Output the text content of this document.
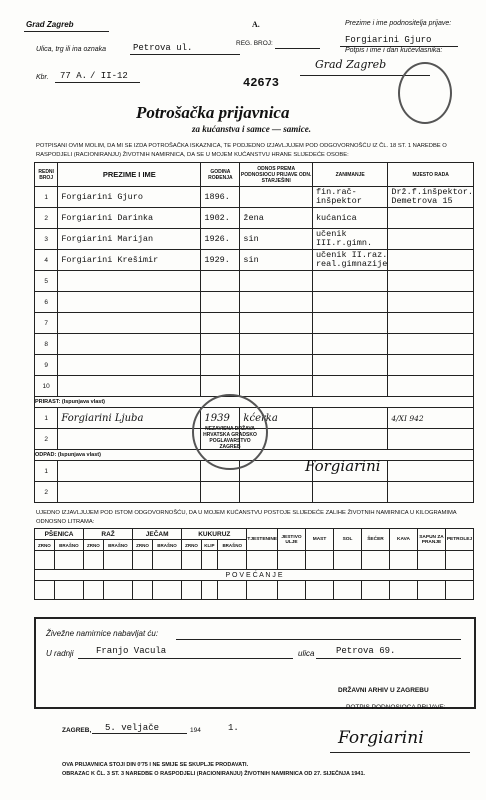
Grad Zagreb	A.	Prezime i ime podnositelja prijave:
REG. BROJ:	Forgiarini Gjuro
Potpis i ime i dan kućevlasnika:
Ulica, trg ili ina oznaka	Petrova ul.
Grad Zagreb
Kbr. 77 A. / II-12	42673
Potrošačka prijavnica
za kućanstva i samce — samice.
POTPISANI OVIM MOLIM, DA MI SE IZDA POTROŠAČKA ISKAZNICA, TE PODJEDNO IZJAVLJUJEM POD ODGOVORNOŠĆU IZ ČL. 18 ST. 1 NAREDBE O RASPODJELI (RACIONIRANJU) ŽIVOTNIH NAMIRNICA, DA SE U MOJEM KUĆANSTVU HRANE SLIJEDEĆE OSOBE:
REDNI BROJ	PREZIME I IME	GODINA ROĐENJA	ODNOS PREMA PODNOSIOCU PRIJAVE ODN. STARJEŠINI	ZANIMANJE	MJESTO RADA
1	Forgiarini Gjuro	1896.		fin.rač-inšpektor	Drž.f.inšpektor. Demetrova 15
2	Forgiarini Darinka	1902.	žena	kućanica	
3	Forgiarini Marijan	1926.	sin	učenik III.r.gimn.	
4	Forgiarini Krešimir	1929.	sin	učenik II.raz. real.gimnazije	
5					
6					
7					
8					
9					
10					
PRIRAST: (Ispunjava vlast)					
1	Forgiarini Ljuba	1939	kćerka		4/XI 942
2					
ODPAD: (Ispunjava vlast)					
1					
2					
NEZAVISNA DRŽAVA HRVATSKA GRADSKO POGLAVARSTVO ZAGREB
Forgiarini
UJEDNO IZJAVLJUJEM POD ISTOM ODGOVORNOŠĆU, DA U MOJEM KUĆANSTVU POSTOJE SLIJEDEĆE ZALIHE ŽIVOTNIH NAMIRNICA U KILOGRAMIMA ODNOSNO LITRAMA:
PŠENICA		RAŽ		JEČAM		KUKURUZ			TJESTENINE	JESTIVO ULJE	MAST	SOL	ŠEĆER	KAVA	SAPUN ZA PRANJE	PETROLEJ
ZRNO	BRAŠNO	ZRNO	BRAŠNO	ZRNO	BRAŠNO	ZRNO	KLIP	BRAŠNO								

P O V E Ć A N J E																

Živežne namirnice nabavljat ću:
U radnji Franjo Vacula	ulica Petrova 69.
DRŽAVNI ARHIV U ZAGREBU
ZAGREB, 5. veljače	194	1.
POTPIS PODNOSIOCA PRIJAVE:
Forgiarini
OVA PRIJAVNICA STOJI DIN 0'75 I NE SMIJE SE SKUPLJE PRODAVATI.
OBRAZAC K ČL. 3 ST. 3 NAREDBE O RASPODJELI (RACIONIRANJU) ŽIVOTNIH NAMIRNICA OD 27. SIJEČNJA 1941.
